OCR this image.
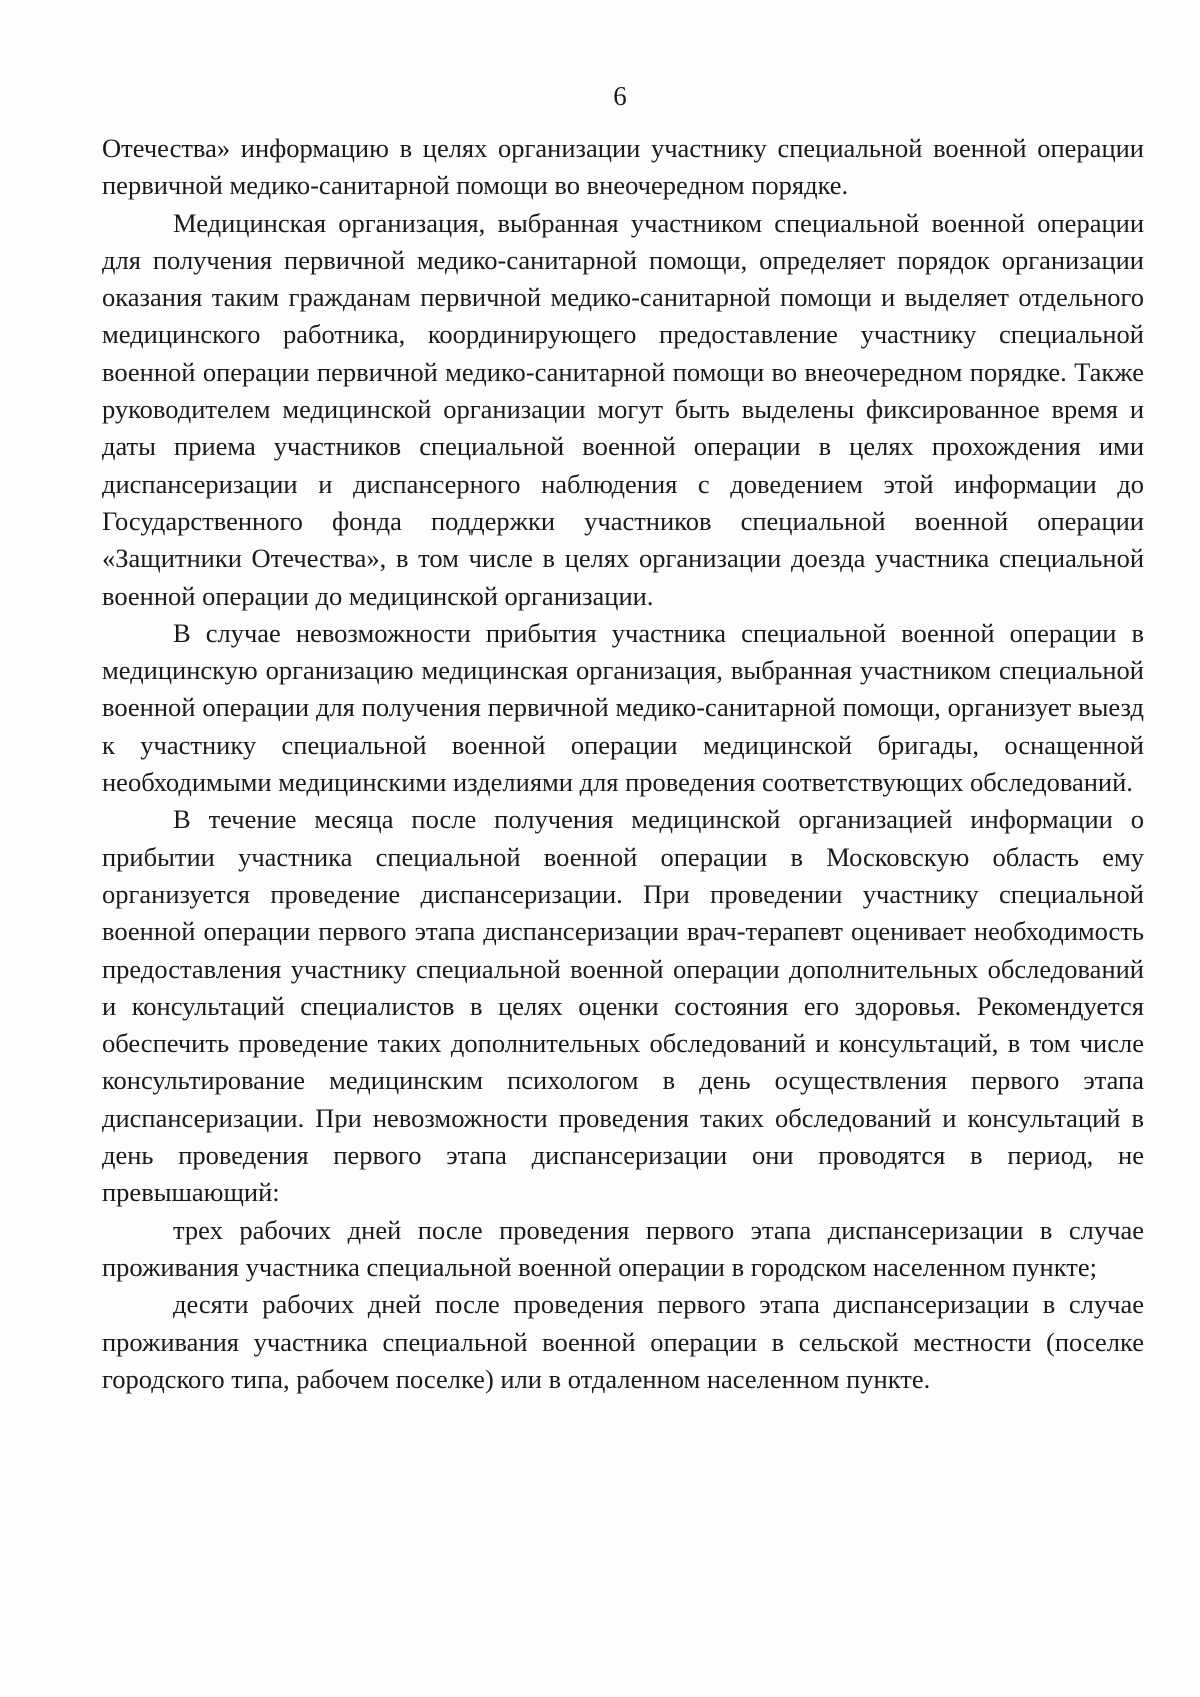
6

Отечества» информацию в целях организации участнику специальной военной операции первичной медико-санитарной помощи во внеочередном порядке.

Медицинская организация, выбранная участником специальной военной операции для получения первичной медико-санитарной помощи, определяет порядок организации оказания таким гражданам первичной медико-санитарной помощи и выделяет отдельного медицинского работника, координирующего предоставление участнику специальной военной операции первичной медико-санитарной помощи во внеочередном порядке. Также руководителем медицинской организации могут быть выделены фиксированное время и даты приема участников специальной военной операции в целях прохождения ими диспансеризации и диспансерного наблюдения с доведением этой информации до Государственного фонда поддержки участников специальной военной операции «Защитники Отечества», в том числе в целях организации доезда участника специальной военной операции до медицинской организации.

В случае невозможности прибытия участника специальной военной операции в медицинскую организацию медицинская организация, выбранная участником специальной военной операции для получения первичной медико-санитарной помощи, организует выезд к участнику специальной военной операции медицинской бригады, оснащенной необходимыми медицинскими изделиями для проведения соответствующих обследований.

В течение месяца после получения медицинской организацией информации о прибытии участника специальной военной операции в Московскую область ему организуется проведение диспансеризации. При проведении участнику специальной военной операции первого этапа диспансеризации врач-терапевт оценивает необходимость предоставления участнику специальной военной операции дополнительных обследований и консультаций специалистов в целях оценки состояния его здоровья. Рекомендуется обеспечить проведение таких дополнительных обследований и консультаций, в том числе консультирование медицинским психологом в день осуществления первого этапа диспансеризации. При невозможности проведения таких обследований и консультаций в день проведения первого этапа диспансеризации они проводятся в период, не превышающий:

трех рабочих дней после проведения первого этапа диспансеризации в случае проживания участника специальной военной операции в городском населенном пункте;

десяти рабочих дней после проведения первого этапа диспансеризации в случае проживания участника специальной военной операции в сельской местности (поселке городского типа, рабочем поселке) или в отдаленном населенном пункте.
